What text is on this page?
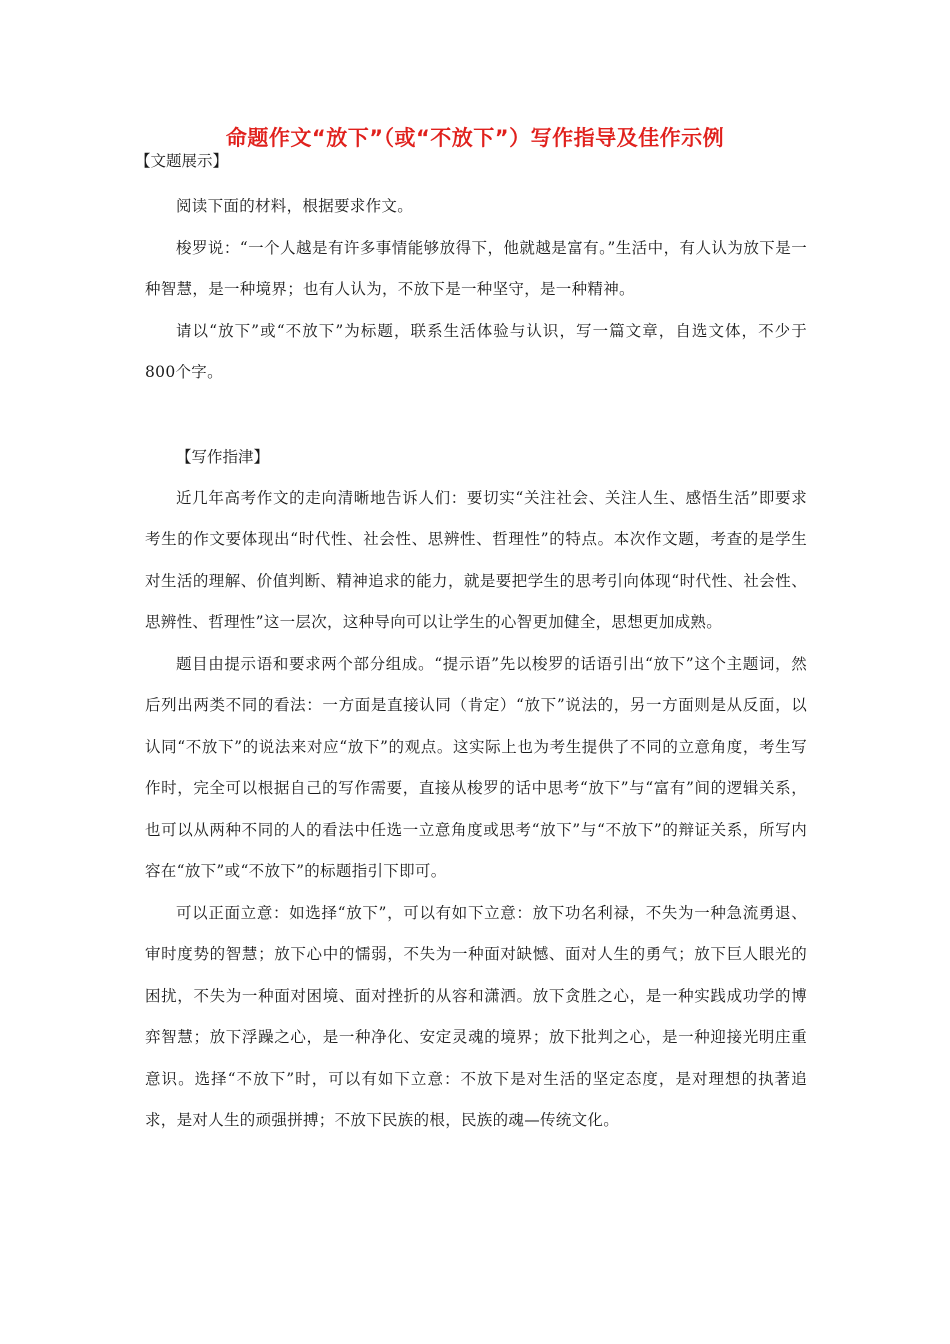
命题作文“放下”（或“不放下”）写作指导及佳作示例

【文题展示】

阅读下面的材料，根据要求作文。

梭罗说：“一个人越是有许多事情能够放得下，他就越是富有。”生活中，有人认为放下是一种智慧，是一种境界；也有人认为，不放下是一种坚守，是一种精神。

请以“放下”或“不放下”为标题，联系生活体验与认识，写一篇文章，自选文体，不少于800个字。

【写作指津】

近几年高考作文的走向清晰地告诉人们：要切实“关注社会、关注人生、感悟生活”即要求考生的作文要体现出“时代性、社会性、思辨性、哲理性”的特点。本次作文题，考查的是学生对生活的理解、价值判断、精神追求的能力，就是要把学生的思考引向体现“时代性、社会性、思辨性、哲理性”这一层次，这种导向可以让学生的心智更加健全，思想更加成熟。

题目由提示语和要求两个部分组成。“提示语”先以梭罗的话语引出“放下”这个主题词，然后列出两类不同的看法：一方面是直接认同（肯定）“放下”说法的，另一方面则是从反面，以认同“不放下”的说法来对应“放下”的观点。这实际上也为考生提供了不同的立意角度，考生写作时，完全可以根据自己的写作需要，直接从梭罗的话中思考“放下”与“富有”间的逻辑关系，也可以从两种不同的人的看法中任选一立意角度或思考“放下”与“不放下”的辩证关系，所写内容在“放下”或“不放下”的标题指引下即可。

可以正面立意：如选择“放下”，可以有如下立意：放下功名利禄，不失为一种急流勇退、审时度势的智慧；放下心中的懦弱，不失为一种面对缺憾、面对人生的勇气；放下巨人眼光的困扰，不失为一种面对困境、面对挫折的从容和潇洒。放下贪胜之心，是一种实践成功学的博弈智慧；放下浮躁之心，是一种净化、安定灵魂的境界；放下批判之心，是一种迎接光明庄重意识。选择“不放下”时，可以有如下立意：不放下是对生活的坚定态度，是对理想的执著追求，是对人生的顽强拼搏；不放下民族的根，民族的魂—传统文化。
